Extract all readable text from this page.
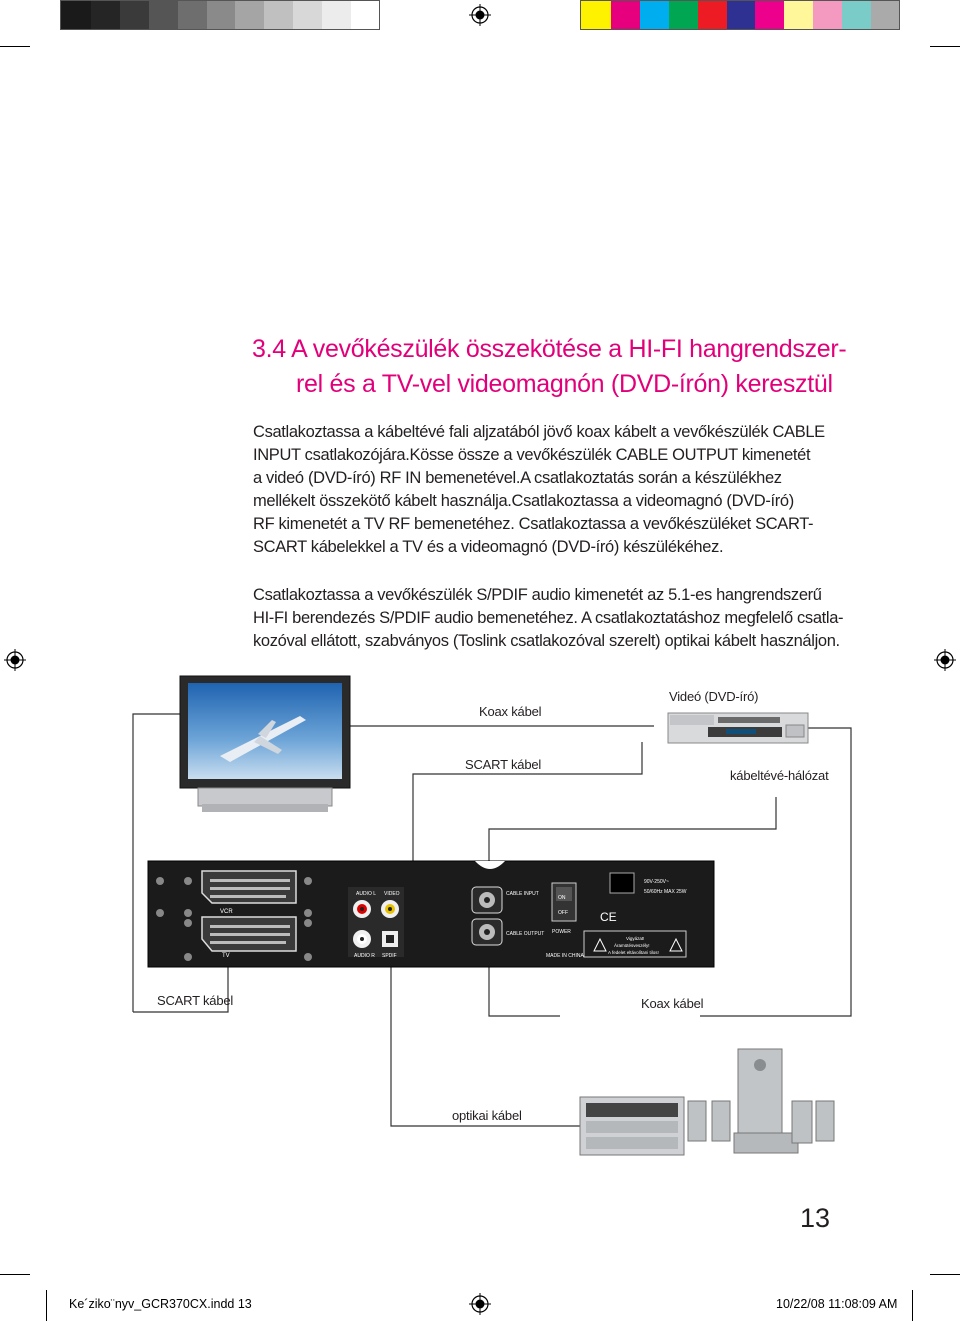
3.4 A vevőkészülék összekötése a HI-FI hangrendszer-
rel és a TV-vel videomagnón (DVD-írón) keresztül

Csatlakoztassa a kábeltévé fali aljzatából jövő koax kábelt a vevőkészülék CABLE
INPUT csatlakozójára.Kösse össze a vevőkészülék CABLE OUTPUT kimenetét
a videó (DVD-író) RF IN bemenetével.A csatlakoztatás során a készülékhez
mellékelt összekötő kábelt használja.Csatlakoztassa a videomagnó (DVD-író)
RF kimenetét a TV RF bemenetéhez. Csatlakoztassa a vevőkészüléket SCART-
SCART kábelekkel a TV és a videomagnó (DVD-író) készülékéhez.

Csatlakoztassa a vevőkészülék S/PDIF audio kimenetét az 5.1-es hangrendszerű
HI-FI berendezés S/PDIF audio bemenetéhez. A csatlakoztatáshoz megfelelő csatla-
kozóval ellátott, szabványos (Toslink csatlakozóval szerelt) optikai kábelt használjon.

VCR
TV
AUDIO L VIDEO
AUDIO R SPDIF
CABLE INPUT
CABLE OUTPUT
ON
OFF
POWER
MADE IN CHINA
90V-250V~
50/60Hz MAX 25W
CE
Vigyázat!
Áramütésveszély!
A fedelet eltávolítani tilos!
Koax kábel
Videó (DVD-író)
SCART kábel
kábeltévé-hálózat
SCART kábel	Koax kábel
optikai kábel
13
Ke´ziko¨nyv_GCR370CX.indd 13	10/22/08 11:08:09 AM
